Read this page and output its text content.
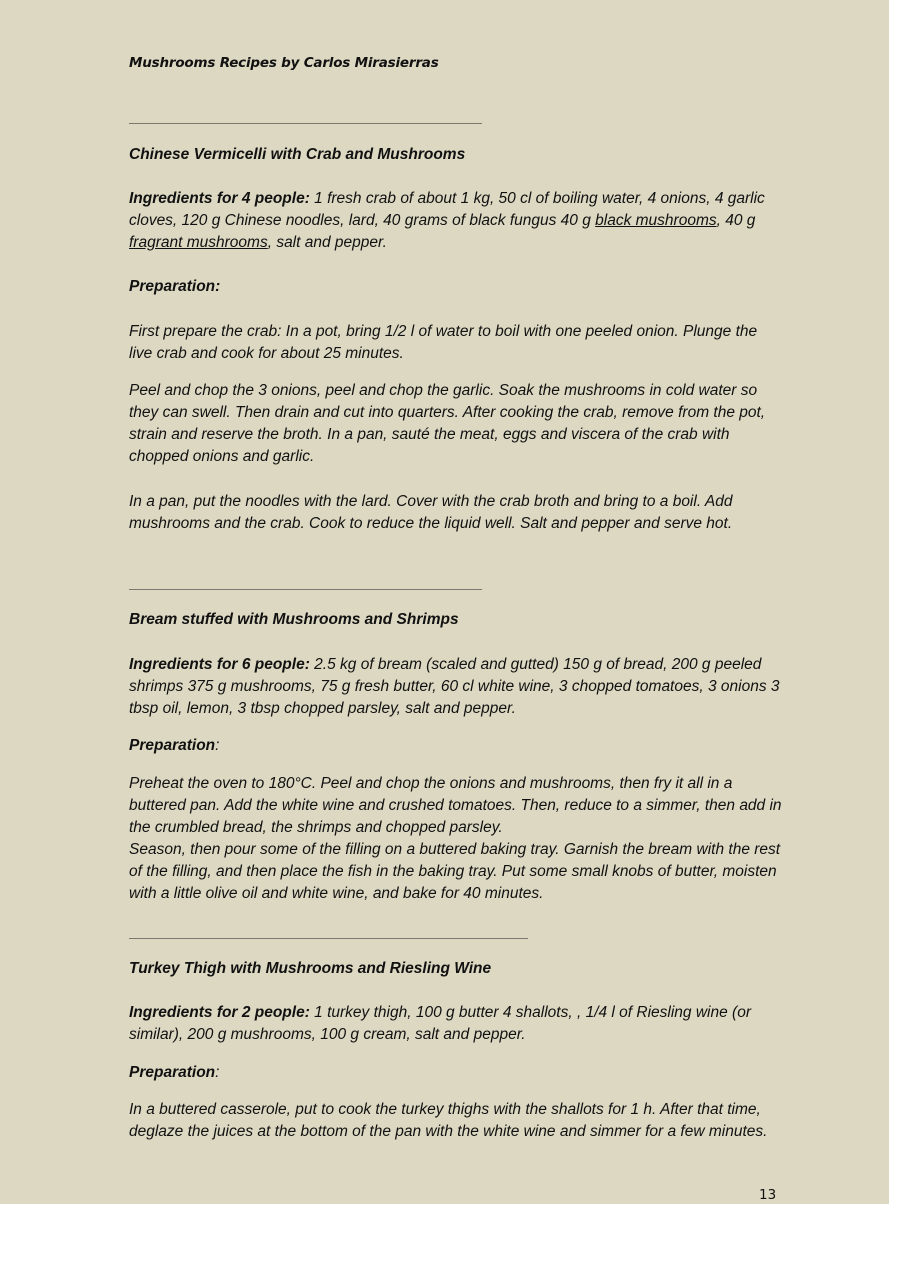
Mushrooms Recipes by Carlos Mirasierras

Chinese Vermicelli with Crab and Mushrooms

Ingredients for 4 people: 1 fresh crab of about 1 kg, 50 cl of boiling water, 4 onions, 4 garlic cloves, 120 g Chinese noodles, lard, 40 grams of black fungus 40 g black mushrooms, 40 g fragrant mushrooms, salt and pepper.

Preparation:

First prepare the crab: In a pot, bring 1/2 l of water to boil with one peeled onion. Plunge the live crab and cook for about 25 minutes.

Peel and chop the 3 onions, peel and chop the garlic. Soak the mushrooms in cold water so they can swell. Then drain and cut into quarters. After cooking the crab, remove from the pot, strain and reserve the broth. In a pan, sauté the meat, eggs and viscera of the crab with chopped onions and garlic.

In a pan, put the noodles with the lard. Cover with the crab broth and bring to a boil. Add mushrooms and the crab. Cook to reduce the liquid well. Salt and pepper and serve hot.

Bream stuffed with Mushrooms and Shrimps

Ingredients for 6 people: 2.5 kg of bream (scaled and gutted) 150 g of bread, 200 g peeled shrimps 375 g mushrooms, 75 g fresh butter, 60 cl white wine, 3 chopped tomatoes, 3 onions 3 tbsp oil, lemon, 3 tbsp chopped parsley, salt and pepper.

Preparation:

Preheat the oven to 180°C. Peel and chop the onions and mushrooms, then fry it all in a buttered pan. Add the white wine and crushed tomatoes. Then, reduce to a simmer, then add in the crumbled bread, the shrimps and chopped parsley.

Season, then pour some of the filling on a buttered baking tray. Garnish the bream with the rest of the filling, and then place the fish in the baking tray. Put some small knobs of butter, moisten with a little olive oil and white wine, and bake for 40 minutes.

Turkey Thigh with Mushrooms and Riesling Wine

Ingredients for 2 people: 1 turkey thigh, 100 g butter 4 shallots, , 1/4 l of Riesling wine (or similar), 200 g mushrooms, 100 g cream, salt and pepper.

Preparation:

In a buttered casserole, put to cook the turkey thighs with the shallots for 1 h. After that time, deglaze the juices at the bottom of the pan with the white wine and simmer for a few minutes.

13
